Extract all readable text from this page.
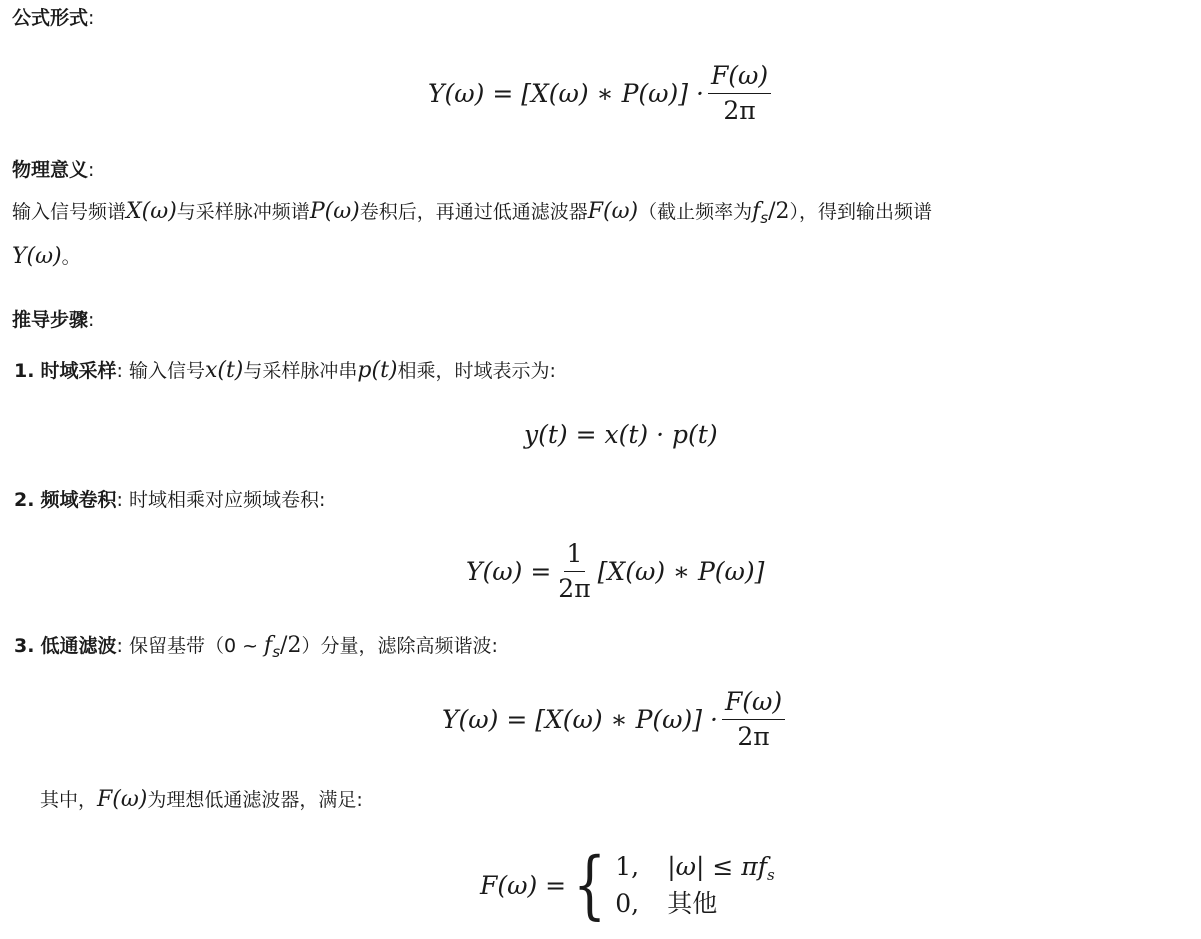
公式形式:
Y(ω) = [X(ω) ∗ $P(\omega)] \cdot \frac{F(\omega)}{2\pi}$
物理意义:
输入信号频谱X(ω)与采样脉冲频谱P(ω)卷积后，再通过低通滤波器F(ω)（截止频率为$f_s/2$），得到输出频谱
Y(ω)。
推导步骤:
1. 时域采样: 输入信号x(t)与采样脉冲串p(t)相乘，时域表示为:
y(t) = x(t) · p(t)
2. 频域卷积: 时域相乘对应频域卷积:
$Y(\omega) = \frac{1}{2\pi} [X(\omega)$ ∗ P(ω)]
3. 低通滤波: 保留基带（0 ~ $f_s/2$）分量，滤除高频谐波:
Y(ω) = [X(ω) ∗ $P(\omega)] \cdot \frac{F(\omega)}{2\pi}$
其中，F(ω)为理想低通滤波器，满足:
F(ω) = { 1, |ω| ≤ πfs
0, 其他
